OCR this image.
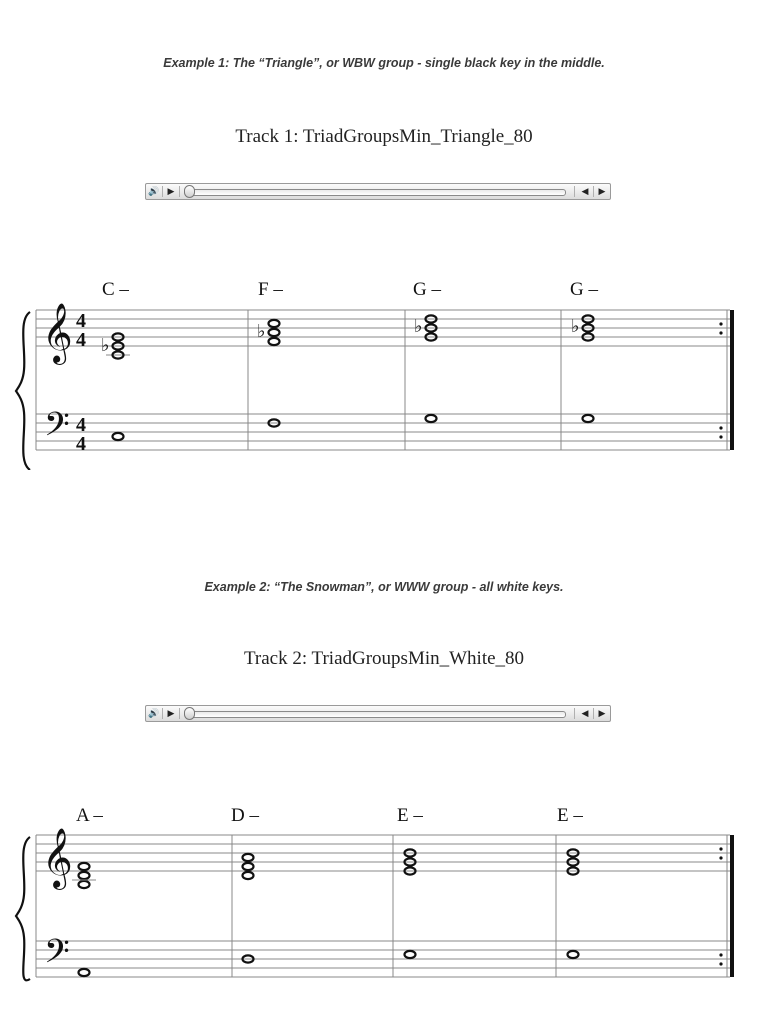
Example 1: The “Triangle”, or WBW group - single black key in the middle.
Track 1: TriadGroupsMin_Triangle_80
🔊 ▶	◀	▶
C –	F –	G –	G –
𝄞
𝄢
4
4
4
4
♭
♭	♭	♭
Example 2: “The Snowman”, or WWW group - all white keys.
Track 2: TriadGroupsMin_White_80
🔊 ▶	◀	▶
A –	D –	E –	E –
𝄞
𝄢
